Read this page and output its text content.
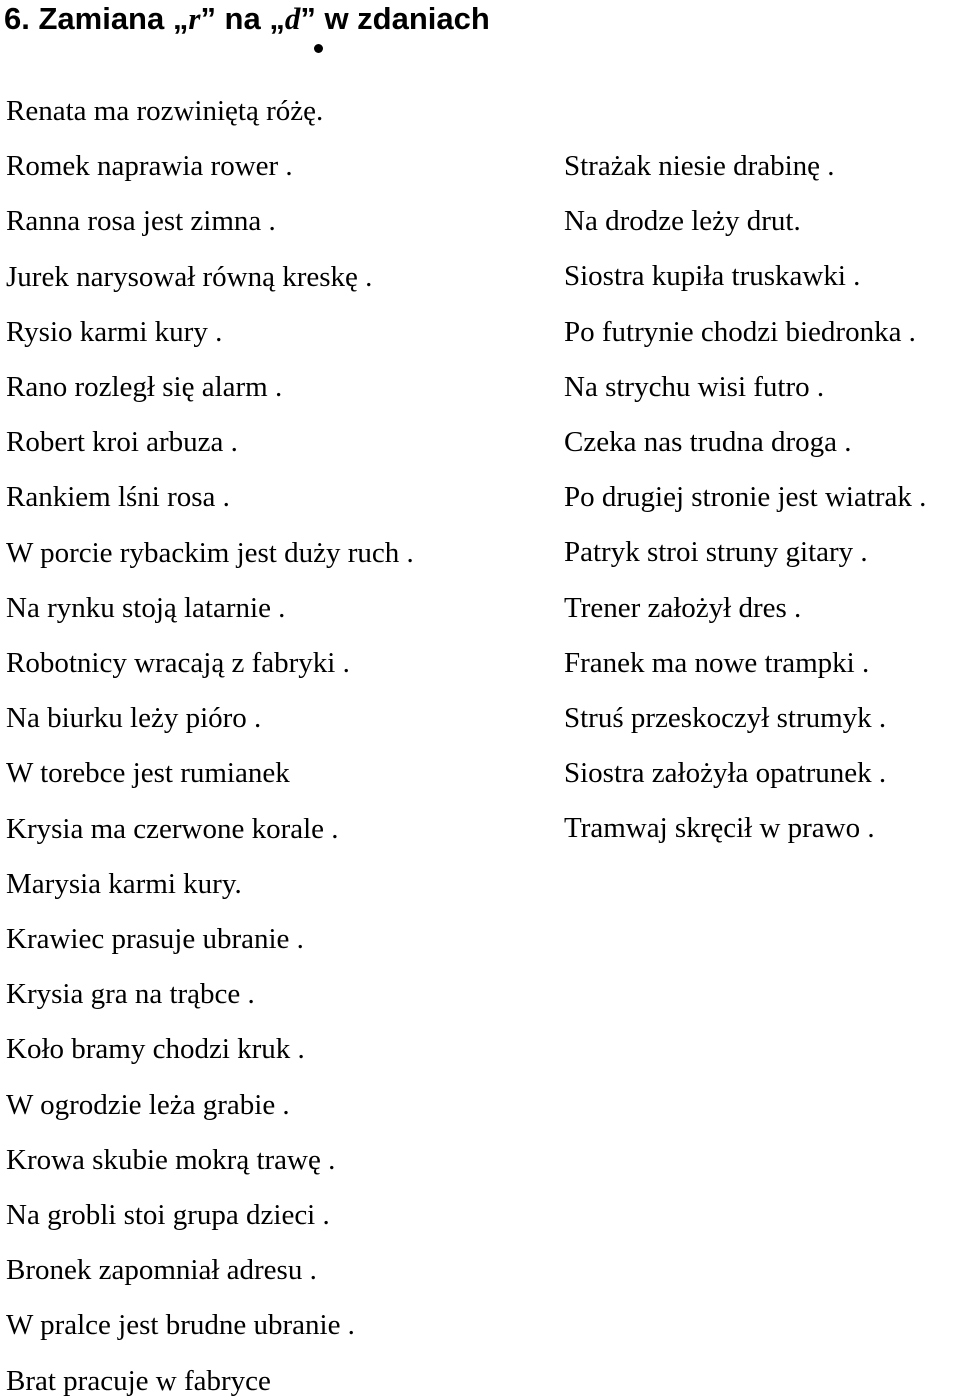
6. Zamiana „r” na „d” w zdaniach
Renata ma rozwiniętą różę.
Romek naprawia rower .
Ranna rosa jest zimna .
Jurek narysował równą kreskę .
Rysio karmi kury .
Rano rozległ się alarm .
Robert kroi arbuza .
Rankiem lśni rosa .
W porcie rybackim jest duży ruch .
Na rynku stoją latarnie .
Robotnicy wracają z fabryki .
Na biurku leży pióro .
W torebce jest rumianek
Krysia ma czerwone korale .
Marysia karmi kury.
Krawiec prasuje ubranie .
Krysia gra na trąbce .
Koło bramy chodzi kruk .
W ogrodzie leża grabie .
Krowa skubie mokrą trawę .
Na grobli stoi grupa dzieci .
Bronek zapomniał adresu .
W pralce jest brudne ubranie .
Brat pracuje w fabryce
Strażak niesie drabinę .
Na drodze leży drut.
Siostra kupiła truskawki .
Po futrynie chodzi biedronka .
Na strychu wisi futro .
Czeka nas trudna droga .
Po drugiej stronie jest wiatrak .
Patryk stroi struny gitary .
Trener założył dres .
Franek ma nowe trampki .
Struś przeskoczył strumyk .
Siostra założyła opatrunek .
Tramwaj skręcił w prawo .
